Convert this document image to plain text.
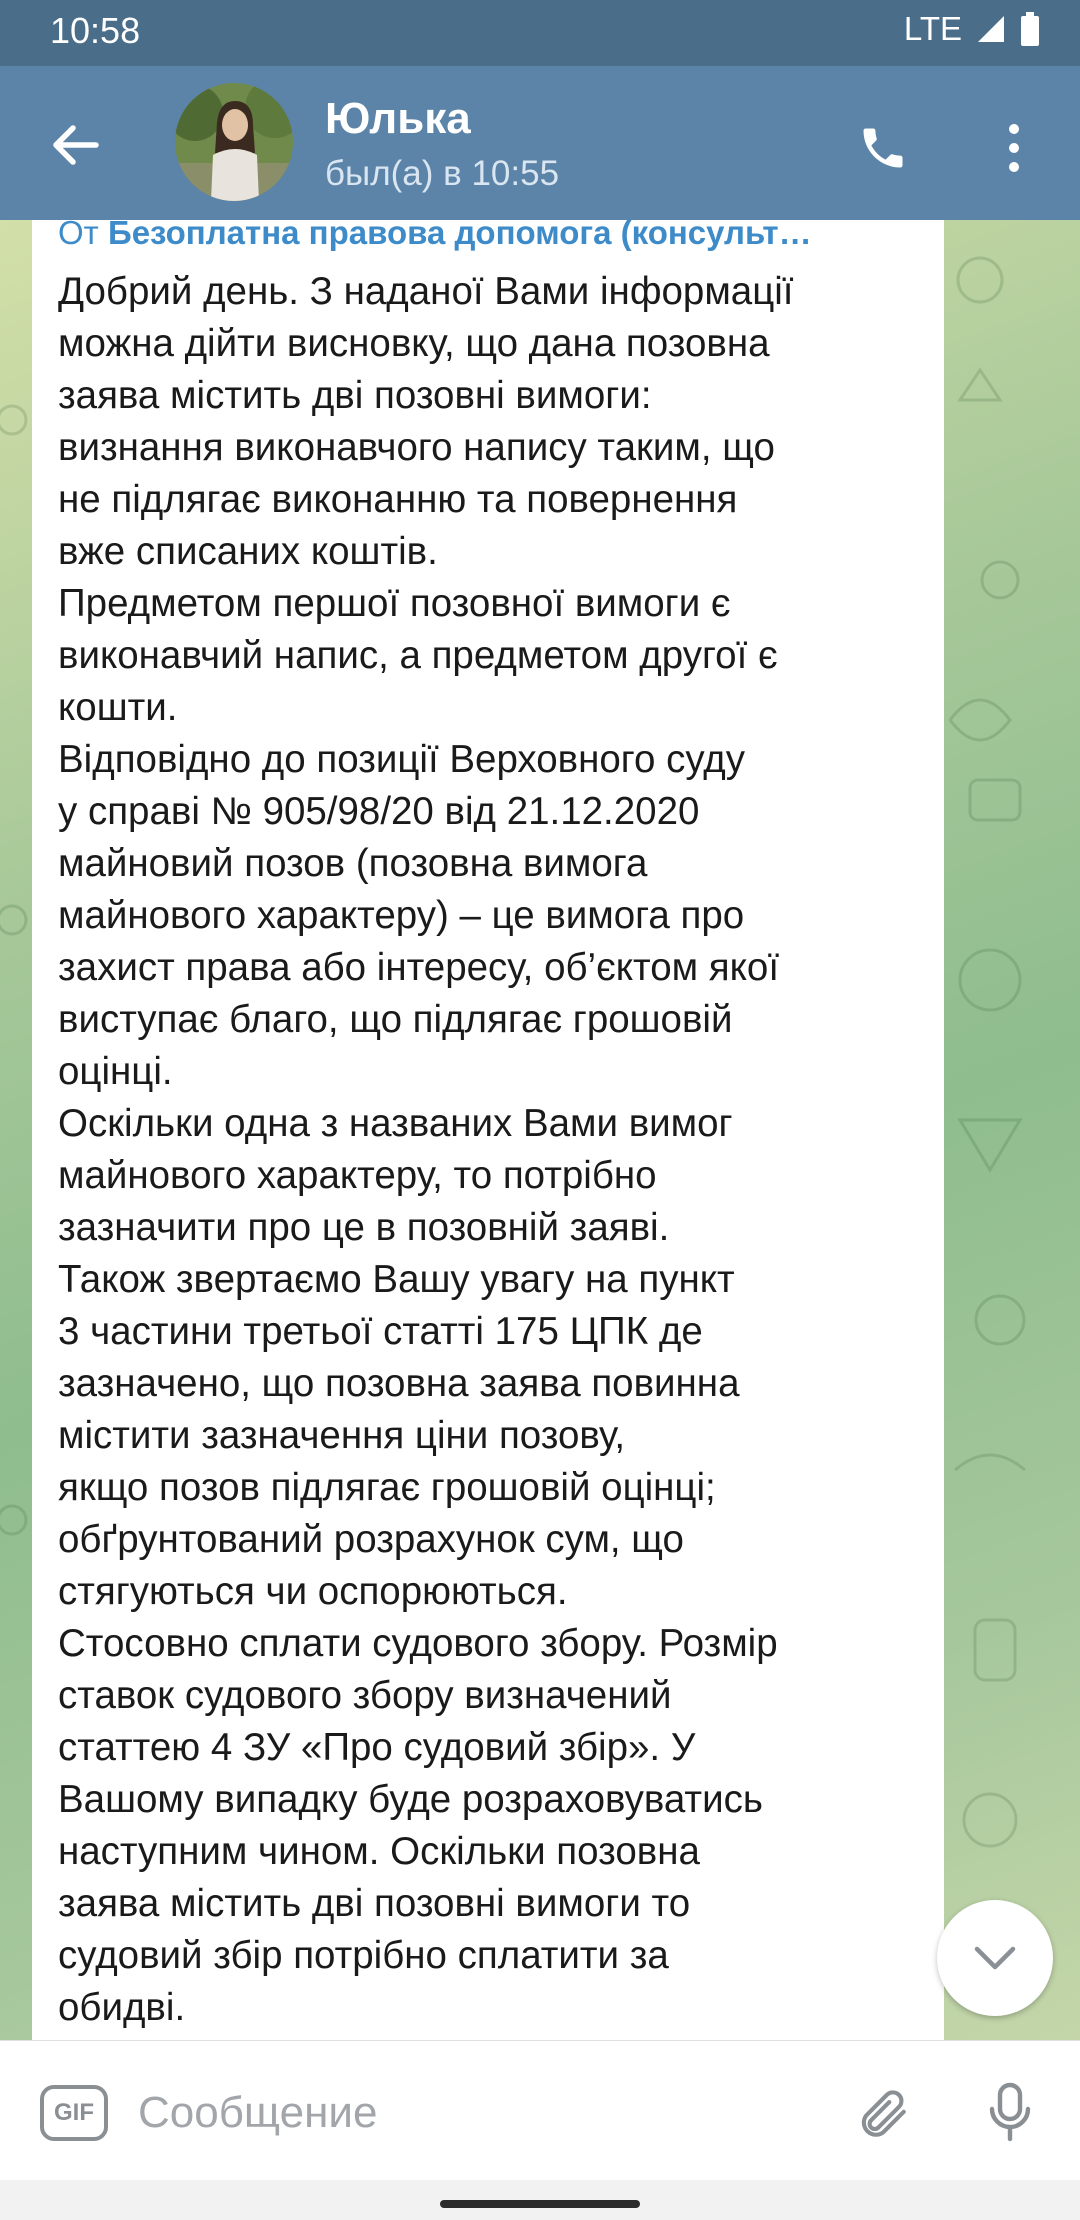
10:58	LTE
Юлька
был(а) в 10:55
От Безоплатна правова допомога (консульт…
Добрий день. З наданої Вами інформації
можна дійти висновку, що дана позовна
заява містить дві позовні вимоги:
визнання виконавчого напису таким, що
не підлягає виконанню та повернення
вже списаних коштів.
Предметом першої позовної вимоги є
виконавчий напис, а предметом другої є
кошти.
Відповідно до позиції Верховного суду
у справі № 905/98/20 від 21.12.2020
майновий позов (позовна вимога
майнового характеру) – це вимога про
захист права або інтересу, об’єктом якої
виступає благо, що підлягає грошовій
оцінці.
Оскільки одна з названих Вами вимог
майнового характеру, то потрібно
зазначити про це в позовній заяві.
Також звертаємо Вашу увагу на пункт
3 частини третьої статті 175 ЦПК де
зазначено, що позовна заява повинна
містити зазначення ціни позову,
якщо позов підлягає грошовій оцінці;
обґрунтований розрахунок сум, що
стягуються чи оспорюються.
Стосовно сплати судового збору. Розмір
ставок судового збору визначений
статтею 4 ЗУ «Про судовий збір». У
Вашому випадку буде розраховуватись
наступним чином. Оскільки позовна
заява містить дві позовні вимоги то
судовий збір потрібно сплатити за
обидві.
GIF
Сообщение
